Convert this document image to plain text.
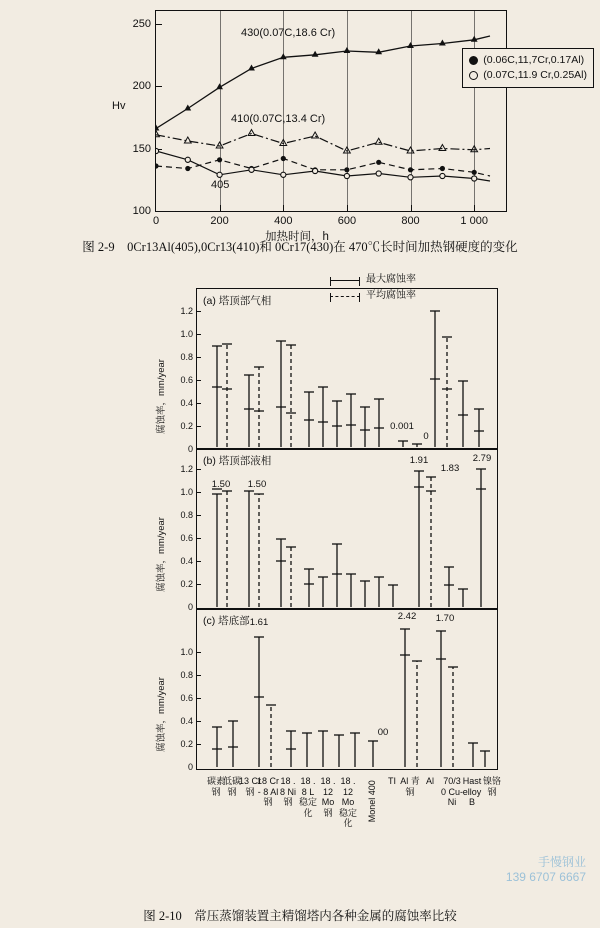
Hv
加热时间，h
100
150
200
250
0	200	400	600	800	1 000
430(0.07C,18.6 Cr)
410(0.07C,13.4 Cr)
405
(0.06C,11,7Cr,0.17Al)
(0.07C,11.9 Cr,0.25Al)
图 2-9　0Cr13Al(405),0Cr13(410)和 0Cr17(430)在 470℃长时间加热钢硬度的变化
最大腐蚀率
平均腐蚀率
(a) 塔顶部气相
0
0.2
0.4
0.6
0.8
1.0
1.2
腐蚀率，mm/year	0.001
0
(b) 塔顶部液相
0
0.2
0.4
0.6
0.8
1.0
1.2
腐蚀率，mm/year
1.50 1.50
1.91
1.83
2.79
(c) 塔底部
0
0.2
0.4
0.6
0.8
1.0
腐蚀率，mm/year
1.61
00
2.42 1.70
碳素钢
低碳钢
13 Cr 钢
18 Cr - 8 Al 钢
18 . 8 Ni 钢
18 . 8 L 稳定化
18 . 12 Mo 钢
18 . 12 Mo 稳定化
Monel 400	TI Al 青铜
Al	70/30 Cu-Ni
Hastelloy B
镍铬钢
图 2-10　常压蒸馏装置主精馏塔内各种金属的腐蚀率比较
手慢钢业
139 6707 6667
